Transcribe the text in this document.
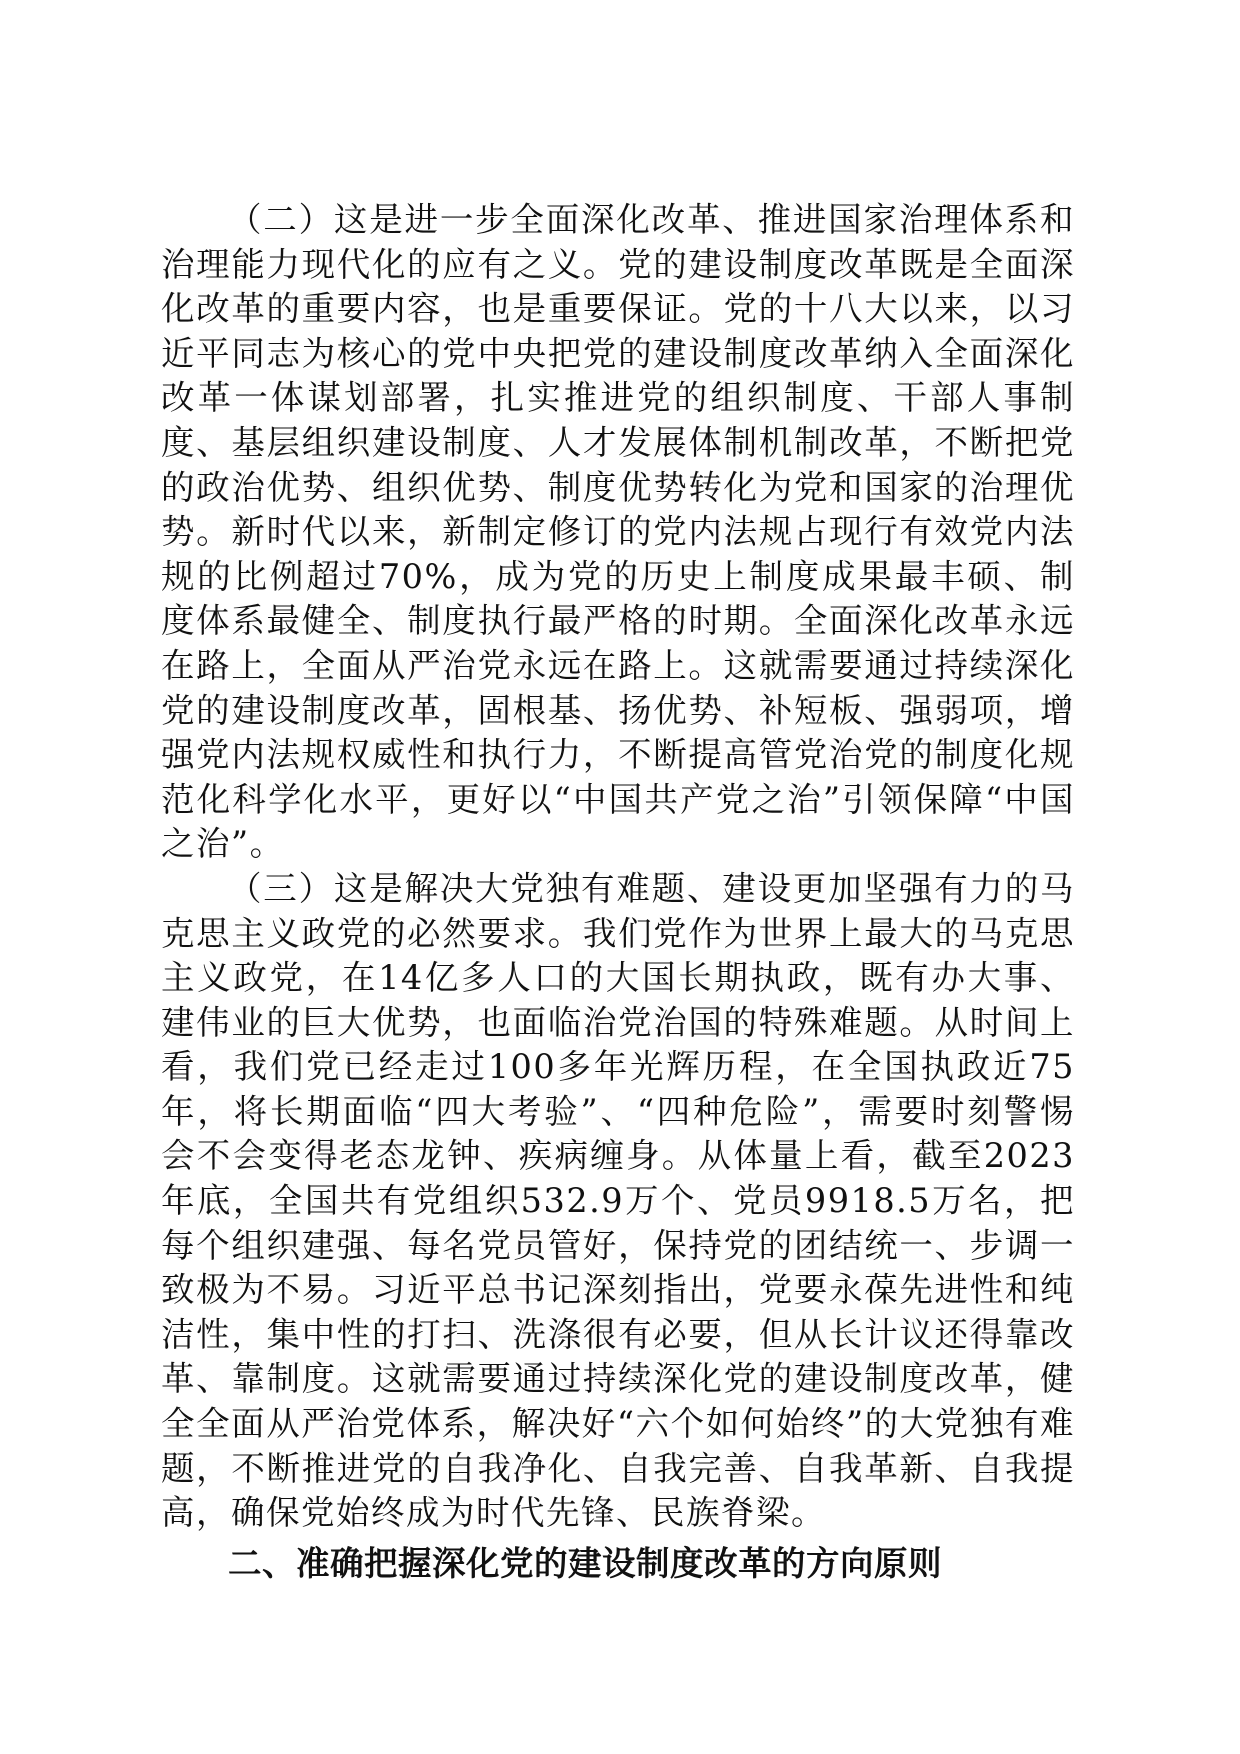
（二）这是进一步全面深化改革、推进国家治理体系和治理能力现代化的应有之义。党的建设制度改革既是全面深化改革的重要内容，也是重要保证。党的十八大以来，以习近平同志为核心的党中央把党的建设制度改革纳入全面深化改革一体谋划部署，扎实推进党的组织制度、干部人事制度、基层组织建设制度、人才发展体制机制改革，不断把党的政治优势、组织优势、制度优势转化为党和国家的治理优势。新时代以来，新制定修订的党内法规占现行有效党内法规的比例超过70%，成为党的历史上制度成果最丰硕、制度体系最健全、制度执行最严格的时期。全面深化改革永远在路上，全面从严治党永远在路上。这就需要通过持续深化党的建设制度改革，固根基、扬优势、补短板、强弱项，增强党内法规权威性和执行力，不断提高管党治党的制度化规范化科学化水平，更好以“中国共产党之治”引领保障“中国之治”。

（三）这是解决大党独有难题、建设更加坚强有力的马克思主义政党的必然要求。我们党作为世界上最大的马克思主义政党，在14亿多人口的大国长期执政，既有办大事、建伟业的巨大优势，也面临治党治国的特殊难题。从时间上看，我们党已经走过100多年光辉历程，在全国执政近75年，将长期面临“四大考验”、“四种危险”，需要时刻警惕会不会变得老态龙钟、疾病缠身。从体量上看，截至2023年底，全国共有党组织532.9万个、党员9918.5万名，把每个组织建强、每名党员管好，保持党的团结统一、步调一致极为不易。习近平总书记深刻指出，党要永葆先进性和纯洁性，集中性的打扫、洗涤很有必要，但从长计议还得靠改革、靠制度。这就需要通过持续深化党的建设制度改革，健全全面从严治党体系，解决好“六个如何始终”的大党独有难题，不断推进党的自我净化、自我完善、自我革新、自我提高，确保党始终成为时代先锋、民族脊梁。

二、准确把握深化党的建设制度改革的方向原则
